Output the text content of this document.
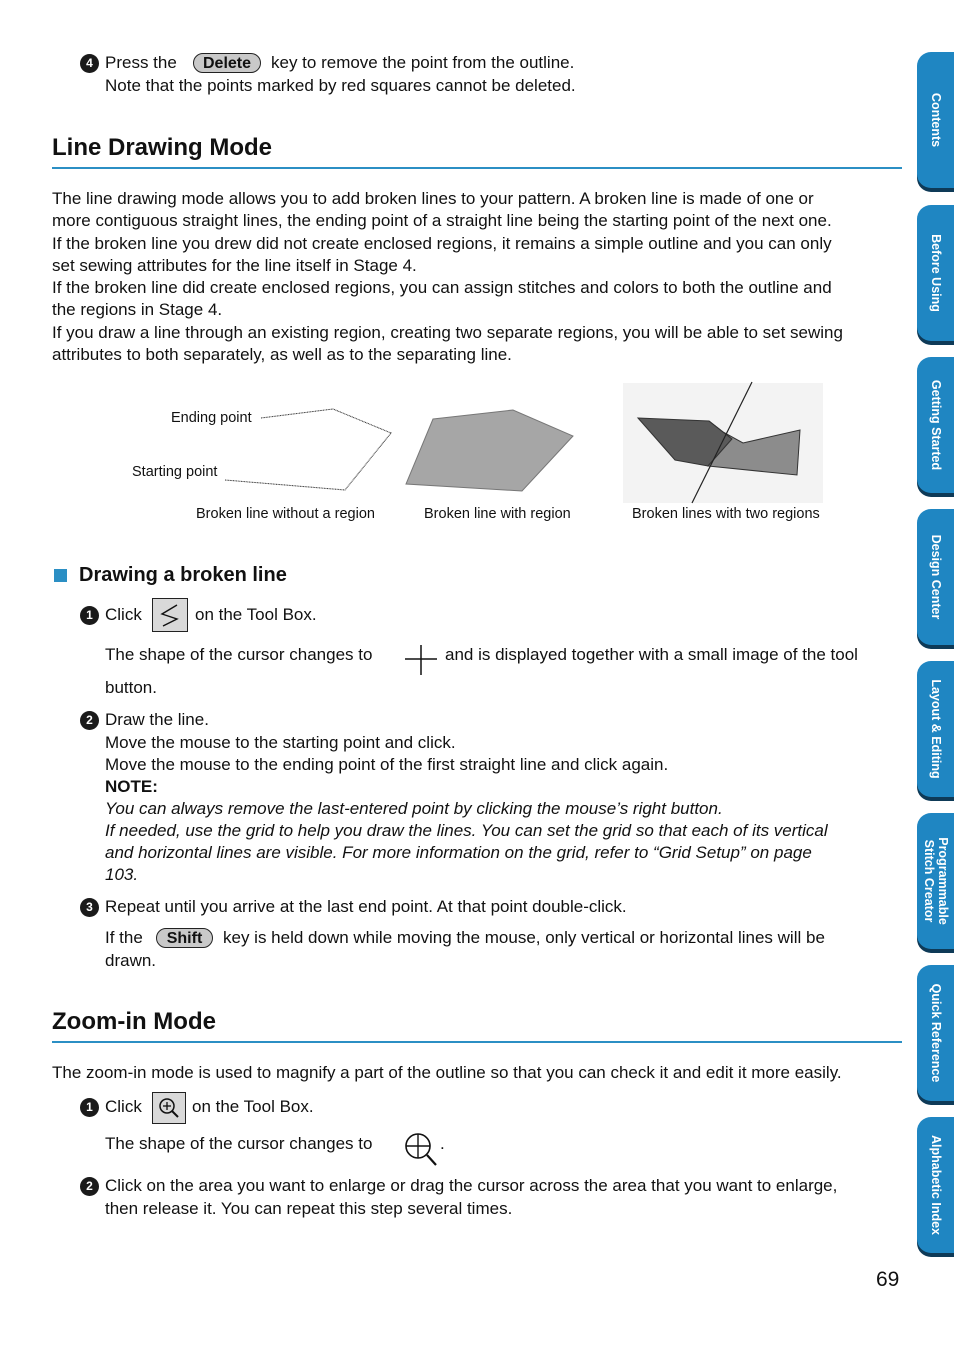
4 Press the	Delete	key to remove the point from the outline.
Note that the points marked by red squares cannot be deleted.
Line Drawing Mode
The line drawing mode allows you to add broken lines to your pattern. A broken line is made of one or
more contiguous straight lines, the ending point of a straight line being the starting point of the next one.
If the broken line you drew did not create enclosed regions, it remains a simple outline and you can only
set sewing attributes for the line itself in Stage 4.
If the broken line did create enclosed regions, you can assign stitches and colors to both the outline and
the regions in Stage 4.
If you draw a line through an existing region, creating two separate regions, you will be able to set sewing
attributes to both separately, as well as to the separating line.
Ending point
Starting point
Broken line without a region	Broken line with region	Broken lines with two regions
Drawing a broken line
1 Click	on the Tool Box.
The shape of the cursor changes to	and is displayed together with a small image of the tool
button.
2 Draw the line.
Move the mouse to the starting point and click.
Move the mouse to the ending point of the first straight line and click again.
NOTE:
You can always remove the last-entered point by clicking the mouse’s right button.
If needed, use the grid to help you draw the lines. You can set the grid so that each of its vertical
and horizontal lines are visible. For more information on the grid, refer to “Grid Setup” on page
103.
3 Repeat until you arrive at the last end point. At that point double-click.
If the	Shift	key is held down while moving the mouse, only vertical or horizontal lines will be
drawn.
Zoom-in Mode
The zoom-in mode is used to magnify a part of the outline so that you can check it and edit it more easily.
1 Click	on the Tool Box.
The shape of the cursor changes to	.
2 Click on the area you want to enlarge or drag the cursor across the area that you want to enlarge,
then release it. You can repeat this step several times.
69
Contents
Before Using
Getting Started
Design Center
Layout & Editing
Programmable
Stitch Creator
Quick Reference
Alphabetic Index
